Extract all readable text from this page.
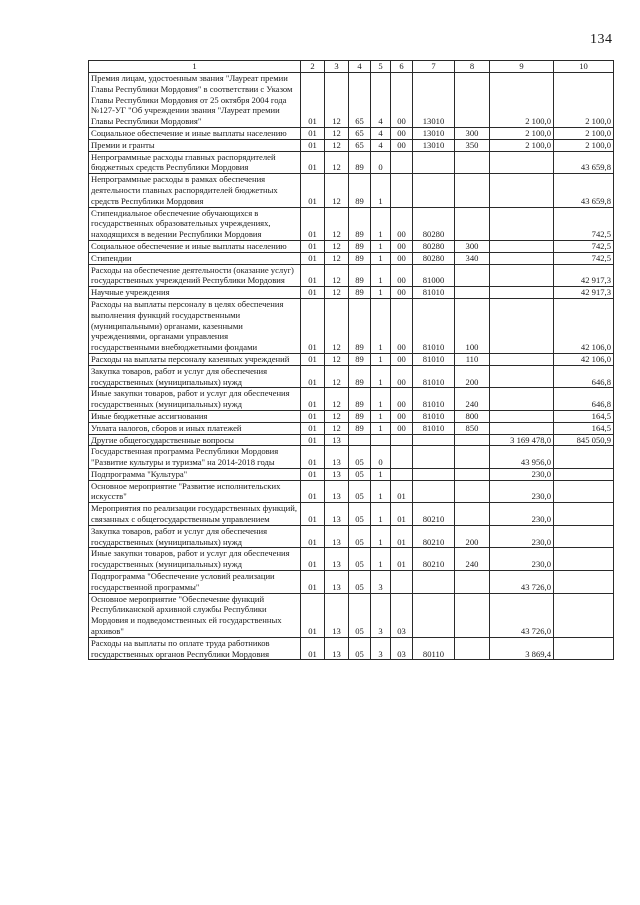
134
1	2	3	4	5	6	7	8	9	10
Премия лицам, удостоенным звания "Лауреат премии Главы Республики Мордовия" в соответствии с Указом Главы Республики Мордовия от 25 октября 2004 года №127-УГ "Об учреждении звания "Лауреат премии Главы Республики Мордовия"	01	12	65	4	00	13010		2 100,0	2 100,0
Социальное обеспечение и иные выплаты населению	01	12	65	4	00	13010	300	2 100,0	2 100,0
Премии и гранты	01	12	65	4	00	13010	350	2 100,0	2 100,0
Непрограммные расходы главных распорядителей бюджетных средств Республики Мордовия	01	12	89	0					43 659,8
Непрограммные расходы в рамках обеспечения деятельности главных распорядителей бюджетных средств Республики Мордовия	01	12	89	1					43 659,8
Стипендиальное обеспечение обучающихся в государственных образовательных учреждениях, находящихся в ведении Республики Мордовия	01	12	89	1	00	80280			742,5
Социальное обеспечение и иные выплаты населению	01	12	89	1	00	80280	300		742,5
Стипендии	01	12	89	1	00	80280	340		742,5
Расходы на обеспечение деятельности (оказание услуг) государственных учреждений Республики Мордовия	01	12	89	1	00	81000			42 917,3
Научные учреждения	01	12	89	1	00	81010			42 917,3
Расходы на выплаты персоналу в целях обеспечения выполнения функций государственными (муниципальными) органами, казенными учреждениями, органами управления государственными внебюджетными фондами	01	12	89	1	00	81010	100		42 106,0
Расходы на выплаты персоналу казенных учреждений	01	12	89	1	00	81010	110		42 106,0
Закупка товаров, работ и услуг для обеспечения государственных (муниципальных) нужд	01	12	89	1	00	81010	200		646,8
Иные закупки товаров, работ и услуг для обеспечения государственных (муниципальных) нужд	01	12	89	1	00	81010	240		646,8
Иные бюджетные ассигнования	01	12	89	1	00	81010	800		164,5
Уплата налогов, сборов и иных платежей	01	12	89	1	00	81010	850		164,5
Другие общегосударственные вопросы	01	13						3 169 478,0	845 050,9
Государственная программа Республики Мордовия "Развитие культуры и туризма" на 2014-2018 годы	01	13	05	0				43 956,0	
Подпрограмма "Культура"	01	13	05	1				230,0	
Основное мероприятие "Развитие исполнительских искусств"	01	13	05	1	01			230,0	
Мероприятия по реализации государственных функций, связанных с общегосударственным управлением	01	13	05	1	01	80210		230,0	
Закупка товаров, работ и услуг для обеспечения государственных (муниципальных) нужд	01	13	05	1	01	80210	200	230,0	
Иные закупки товаров, работ и услуг для обеспечения государственных (муниципальных) нужд	01	13	05	1	01	80210	240	230,0	
Подпрограмма "Обеспечение условий реализации государственной программы"	01	13	05	3				43 726,0	
Основное мероприятие "Обеспечение функций Республиканской архивной службы Республики Мордовия и подведомственных ей государственных архивов"	01	13	05	3	03			43 726,0	
Расходы на выплаты по оплате труда работников государственных органов Республики Мордовия	01	13	05	3	03	80110		3 869,4	
